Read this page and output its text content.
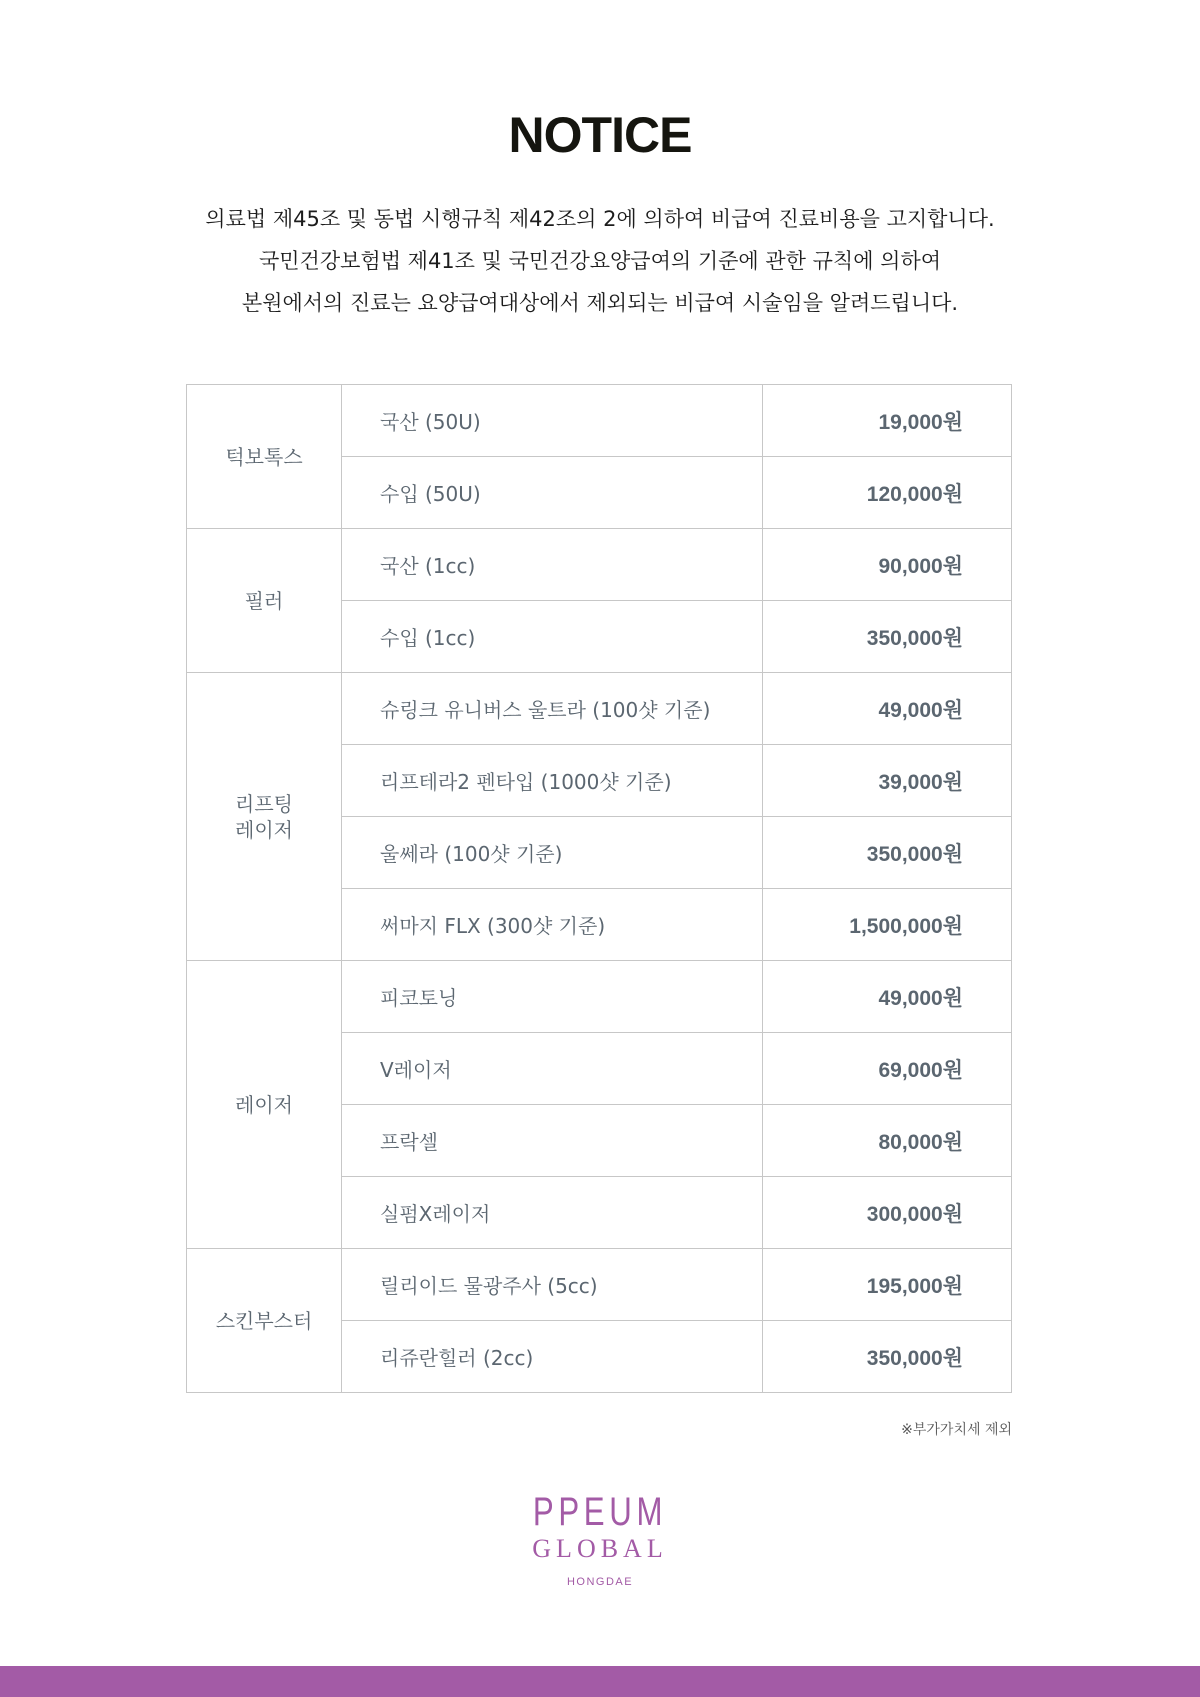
NOTICE
의료법 제45조 및 동법 시행규칙 제42조의 2에 의하여 비급여 진료비용을 고지합니다.
국민건강보험법 제41조 및 국민건강요양급여의 기준에 관한 규칙에 의하여
본원에서의 진료는 요양급여대상에서 제외되는 비급여 시술임을 알려드립니다.
턱보톡스	국산 (50U)	19,000원
	수입 (50U)	120,000원

필러	국산 (1cc)	90,000원
	수입 (1cc)	350,000원

리프팅
레이저	슈링크 유니버스 울트라 (100샷 기준)	49,000원
	리프테라2 펜타입 (1000샷 기준)	39,000원
	울쎄라 (100샷 기준)	350,000원
	써마지 FLX (300샷 기준)	1,500,000원

레이저	피코토닝	49,000원
	V레이저	69,000원
	프락셀	80,000원
	실펌X레이저	300,000원

스킨부스터	릴리이드 물광주사 (5cc)	195,000원
	리쥬란힐러 (2cc)	350,000원
※부가가치세 제외
PPEUM
GLOBAL
HONGDAE
